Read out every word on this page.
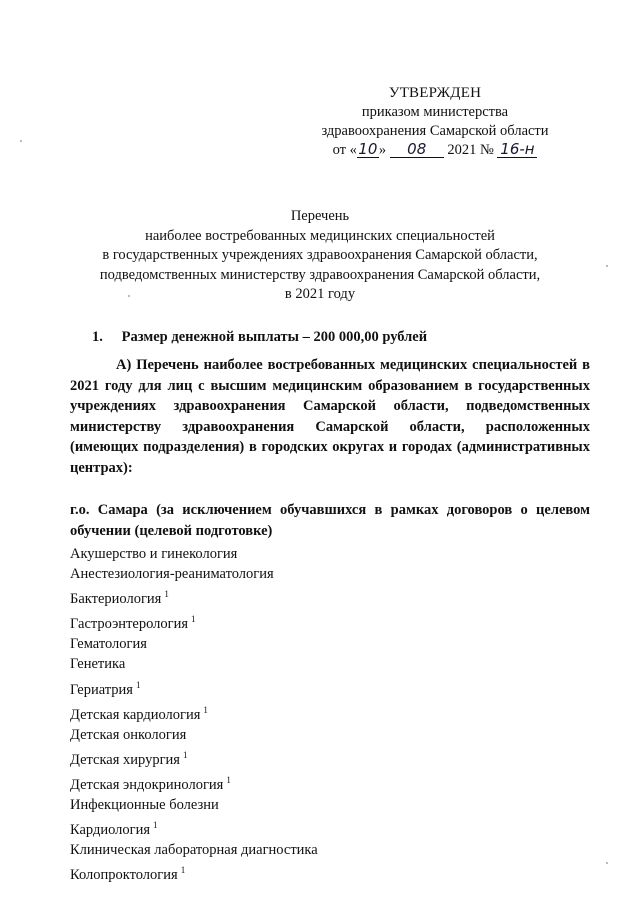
УТВЕРЖДЕН
приказом министерства
здравоохранения Самарской области
от «10» 08 2021 № 16-н
Перечень
наиболее востребованных медицинских специальностей
в государственных учреждениях здравоохранения Самарской области,
подведомственных министерству здравоохранения Самарской области,
в 2021 году
1. Размер денежной выплаты – 200 000,00 рублей
А) Перечень наиболее востребованных медицинских специальностей в 2021 году для лиц с высшим медицинским образованием в государственных учреждениях здравоохранения Самарской области, подведомственных министерству здравоохранения Самарской области, расположенных (имеющих подразделения) в городских округах и городах (административных центрах):
г.о. Самара (за исключением обучавшихся в рамках договоров о целевом обучении (целевой подготовке)
Акушерство и гинекология
Анестезиология-реаниматология
Бактериология $^1$
Гастроэнтерология $^1$
Гематология
Генетика
Гериатрия $^1$
Детская кардиология $^1$
Детская онкология
Детская хирургия $^1$
Детская эндокринология $^1$
Инфекционные болезни
Кардиология $^1$
Клиническая лабораторная диагностика
Колопроктология $^1$
